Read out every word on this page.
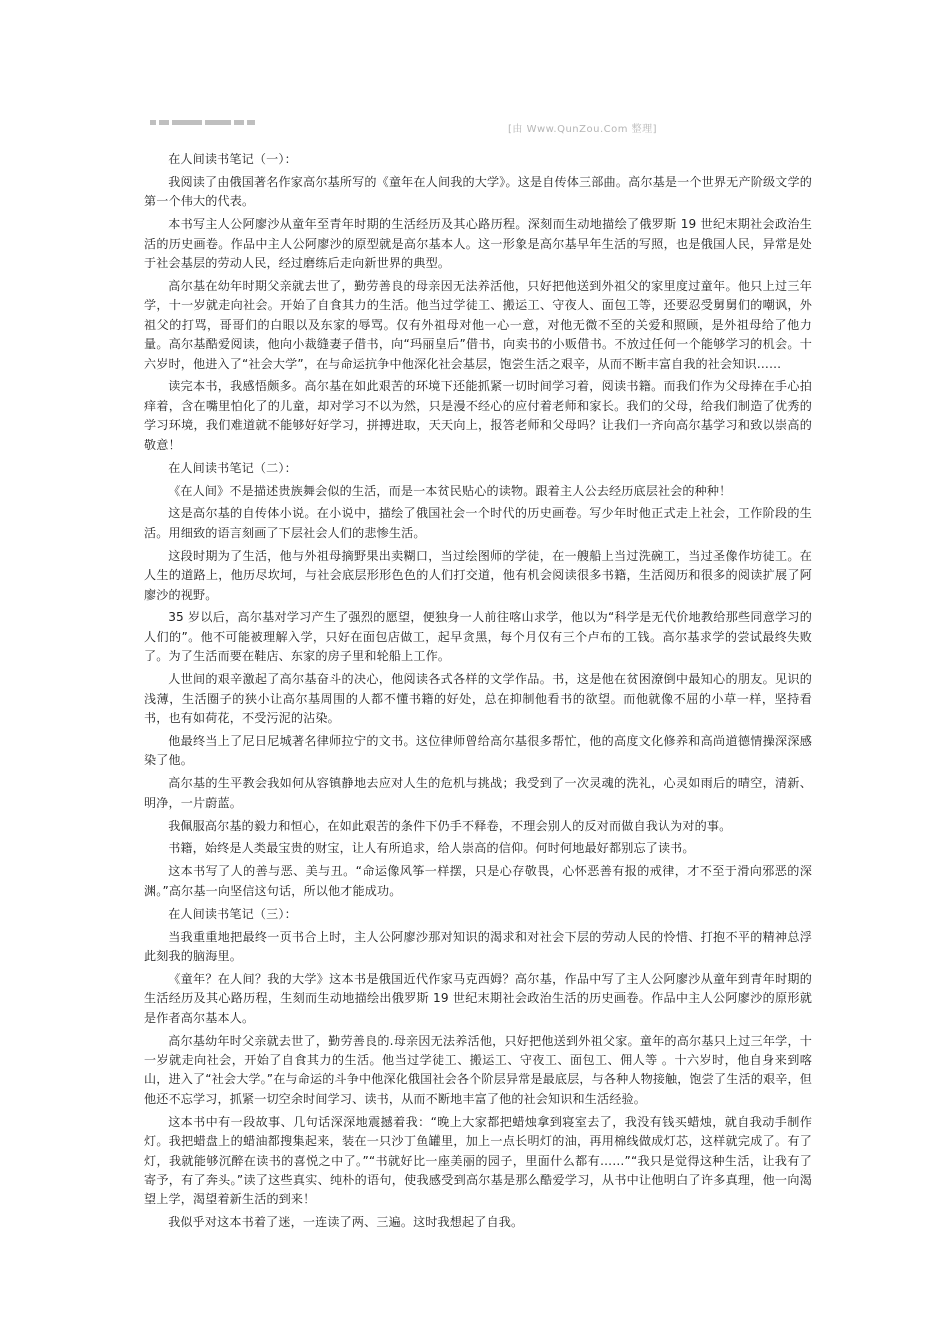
[由 Www.QunZou.Com 整理]

在人间读书笔记（一）：

我阅读了由俄国著名作家高尔基所写的《童年在人间我的大学》。这是自传体三部曲。高尔基是一个世界无产阶级文学的第一个伟大的代表。

本书写主人公阿廖沙从童年至青年时期的生活经历及其心路历程。深刻而生动地描绘了俄罗斯 19 世纪末期社会政治生活的历史画卷。作品中主人公阿廖沙的原型就是高尔基本人。这一形象是高尔基早年生活的写照，也是俄国人民，异常是处于社会基层的劳动人民，经过磨练后走向新世界的典型。

高尔基在幼年时期父亲就去世了，勤劳善良的母亲因无法养活他，只好把他送到外祖父的家里度过童年。他只上过三年学，十一岁就走向社会。开始了自食其力的生活。他当过学徒工、搬运工、守夜人、面包工等，还要忍受舅舅们的嘲讽，外祖父的打骂，哥哥们的白眼以及东家的辱骂。仅有外祖母对他一心一意，对他无微不至的关爱和照顾，是外祖母给了他力量。高尔基酷爱阅读，他向小裁缝妻子借书，向“玛丽皇后”借书，向卖书的小贩借书。不放过任何一个能够学习的机会。十六岁时，他进入了“社会大学”，在与命运抗争中他深化社会基层，饱尝生活之艰辛，从而不断丰富自我的社会知识……

读完本书，我感悟颇多。高尔基在如此艰苦的环境下还能抓紧一切时间学习着，阅读书籍。而我们作为父母捧在手心拍痒着，含在嘴里怕化了的儿童，却对学习不以为然，只是漫不经心的应付着老师和家长。我们的父母，给我们制造了优秀的学习环境，我们难道就不能够好好学习，拼搏进取，天天向上，报答老师和父母吗？让我们一齐向高尔基学习和致以崇高的敬意！

在人间读书笔记（二）：

《在人间》不是描述贵族舞会似的生活，而是一本贫民贴心的读物。跟着主人公去经历底层社会的种种！

这是高尔基的自传体小说。在小说中，描绘了俄国社会一个时代的历史画卷。写少年时他正式走上社会，工作阶段的生活。用细致的语言刻画了下层社会人们的悲惨生活。

这段时期为了生活，他与外祖母摘野果出卖糊口，当过绘图师的学徒，在一艘船上当过洗碗工，当过圣像作坊徒工。在人生的道路上，他历尽坎坷，与社会底层形形色色的人们打交道，他有机会阅读很多书籍，生活阅历和很多的阅读扩展了阿廖沙的视野。

35 岁以后，高尔基对学习产生了强烈的愿望，便独身一人前往喀山求学，他以为“科学是无代价地教给那些同意学习的人们的”。他不可能被理解入学，只好在面包店做工，起早贪黑，每个月仅有三个卢布的工钱。高尔基求学的尝试最终失败了。为了生活而要在鞋店、东家的房子里和轮船上工作。

人世间的艰辛激起了高尔基奋斗的决心，他阅读各式各样的文学作品。书，这是他在贫困潦倒中最知心的朋友。见识的浅薄，生活圈子的狭小让高尔基周围的人都不懂书籍的好处，总在抑制他看书的欲望。而他就像不屈的小草一样，坚持看书，也有如荷花，不受污泥的沾染。

他最终当上了尼日尼城著名律师拉宁的文书。这位律师曾给高尔基很多帮忙，他的高度文化修养和高尚道德情操深深感染了他。

高尔基的生平教会我如何从容镇静地去应对人生的危机与挑战；我受到了一次灵魂的洗礼，心灵如雨后的晴空，清新、明净，一片蔚蓝。

我佩服高尔基的毅力和恒心，在如此艰苦的条件下仍手不释卷，不理会别人的反对而做自我认为对的事。

书籍，始终是人类最宝贵的财宝，让人有所追求，给人崇高的信仰。何时何地最好都别忘了读书。

这本书写了人的善与恶、美与丑。“命运像风筝一样摆，只是心存敬畏，心怀恶善有报的戒律，才不至于滑向邪恶的深渊。”高尔基一向坚信这句话，所以他才能成功。

在人间读书笔记（三）：

当我重重地把最终一页书合上时，主人公阿廖沙那对知识的渴求和对社会下层的劳动人民的怜惜、打抱不平的精神总浮此刻我的脑海里。

《童年？在人间？我的大学》这本书是俄国近代作家马克西姆？高尔基，作品中写了主人公阿廖沙从童年到青年时期的生活经历及其心路历程，生刻而生动地描绘出俄罗斯 19 世纪末期社会政治生活的历史画卷。作品中主人公阿廖沙的原形就是作者高尔基本人。

高尔基幼年时父亲就去世了，勤劳善良的.母亲因无法养活他，只好把他送到外祖父家。童年的高尔基只上过三年学，十一岁就走向社会，开始了自食其力的生活。他当过学徒工、搬运工、守夜工、面包工、佣人等 。十六岁时，他自身来到喀山，进入了“社会大学。”在与命运的斗争中他深化俄国社会各个阶层异常是最底层，与各种人物接触，饱尝了生活的艰辛，但他还不忘学习，抓紧一切空余时间学习、读书，从而不断地丰富了他的社会知识和生活经验。

这本书中有一段故事、几句话深深地震撼着我：“晚上大家都把蜡烛拿到寝室去了，我没有钱买蜡烛，就自我动手制作灯。我把蜡盘上的蜡油都搜集起来，装在一只沙丁鱼罐里，加上一点长明灯的油，再用棉线做成灯芯，这样就完成了。有了灯，我就能够沉醉在读书的喜悦之中了。”“书就好比一座美丽的园子，里面什么都有……”“我只是觉得这种生活，让我有了寄予，有了奔头。”读了这些真实、纯朴的语句，使我感受到高尔基是那么酷爱学习，从书中让他明白了许多真理，他一向渴望上学，渴望着新生活的到来！

我似乎对这本书着了迷，一连读了两、三遍。这时我想起了自我。
